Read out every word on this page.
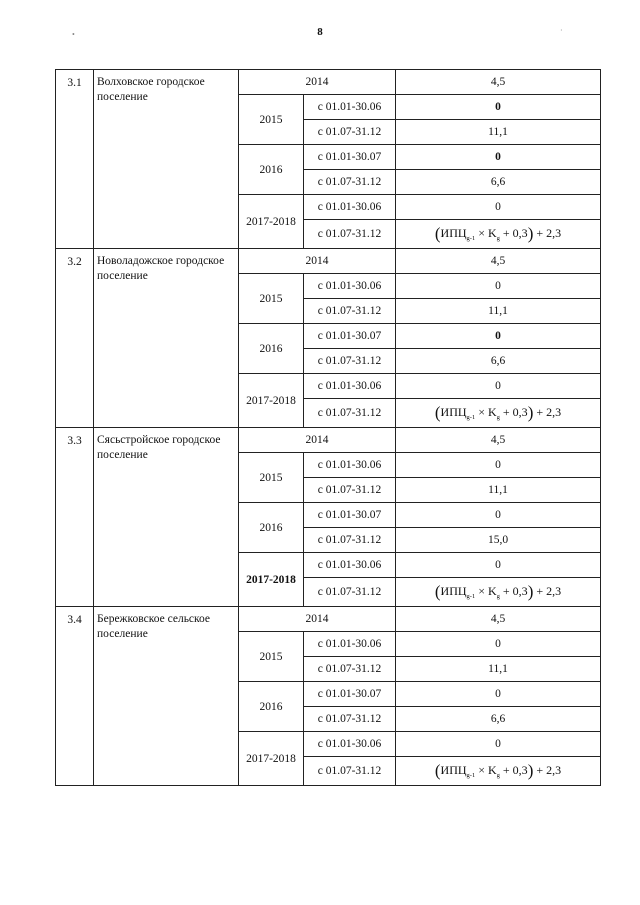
8
•	·
3.1	Волховское городское поселение	2014		4,5
		2015	с 01.01-30.06	0
			с 01.07-31.12	11,1
		2016	с 01.01-30.07	0
			с 01.07-31.12	6,6
		2017-2018	с 01.01-30.06	0
			с 01.07-31.12	$(ИПЦ_{g-1} \times K_g + 0,3) + 2,3$
3.2	Новоладожское городское поселение	2014		4,5
		2015	с 01.01-30.06	0
			с 01.07-31.12	11,1
		2016	с 01.01-30.07	0
			с 01.07-31.12	6,6
		2017-2018	с 01.01-30.06	0
			с 01.07-31.12	$(ИПЦ_{g-1} \times K_g + 0,3) + 2,3$
3.3	Сясьстройское городское поселение	2014		4,5
		2015	с 01.01-30.06	0
			с 01.07-31.12	11,1
		2016	с 01.01-30.07	0
			с 01.07-31.12	15,0
		2017-2018	с 01.01-30.06	0
			с 01.07-31.12	$(ИПЦ_{g-1} \times K_g + 0,3) + 2,3$
3.4	Бережковское сельское поселение	2014		4,5
		2015	с 01.01-30.06	0
			с 01.07-31.12	11,1
		2016	с 01.01-30.07	0
			с 01.07-31.12	6,6
		2017-2018	с 01.01-30.06	0
			с 01.07-31.12	$(ИПЦ_{g-1} \times K_g + 0,3) + 2,3$
